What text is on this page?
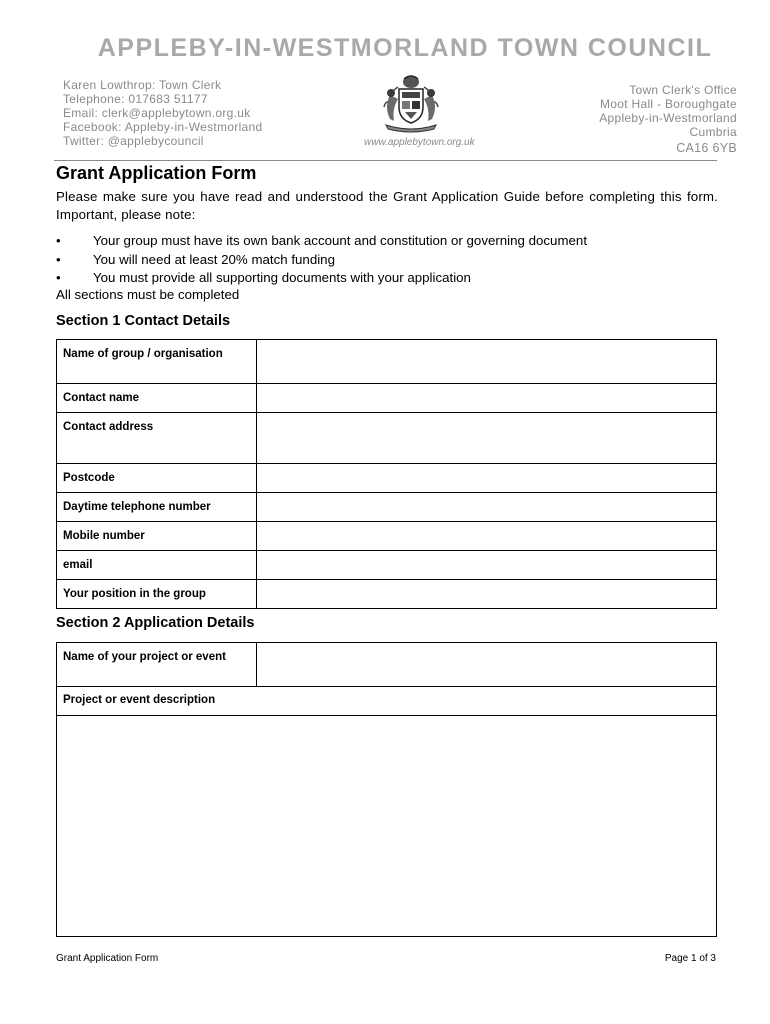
APPLEBY-IN-WESTMORLAND TOWN COUNCIL
Karen Lowthrop: Town Clerk
Telephone: 017683 51177
Email: clerk@applebytown.org.uk
Facebook: Appleby-in-Westmorland
Twitter: @applebycouncil	www.applebytown.org.uk
Town Clerk's Office
Moot Hall - Boroughgate
Appleby-in-Westmorland
Cumbria
CA16 6YB
Grant Application Form

Please make sure you have read and understood the Grant Application Guide before completing this form. Important, please note:

• Your group must have its own bank account and constitution or governing document
• You will need at least 20% match funding
• You must provide all supporting documents with your application

All sections must be completed

Section 1 Contact Details
Name of group / organisation	
Contact name	
Contact address	
Postcode	
Daytime telephone number	
Mobile number	
email	
Your position in the group	
Section 2 Application Details
Name of your project or event	
Project or event description

Grant Application Form	Page 1 of 3
